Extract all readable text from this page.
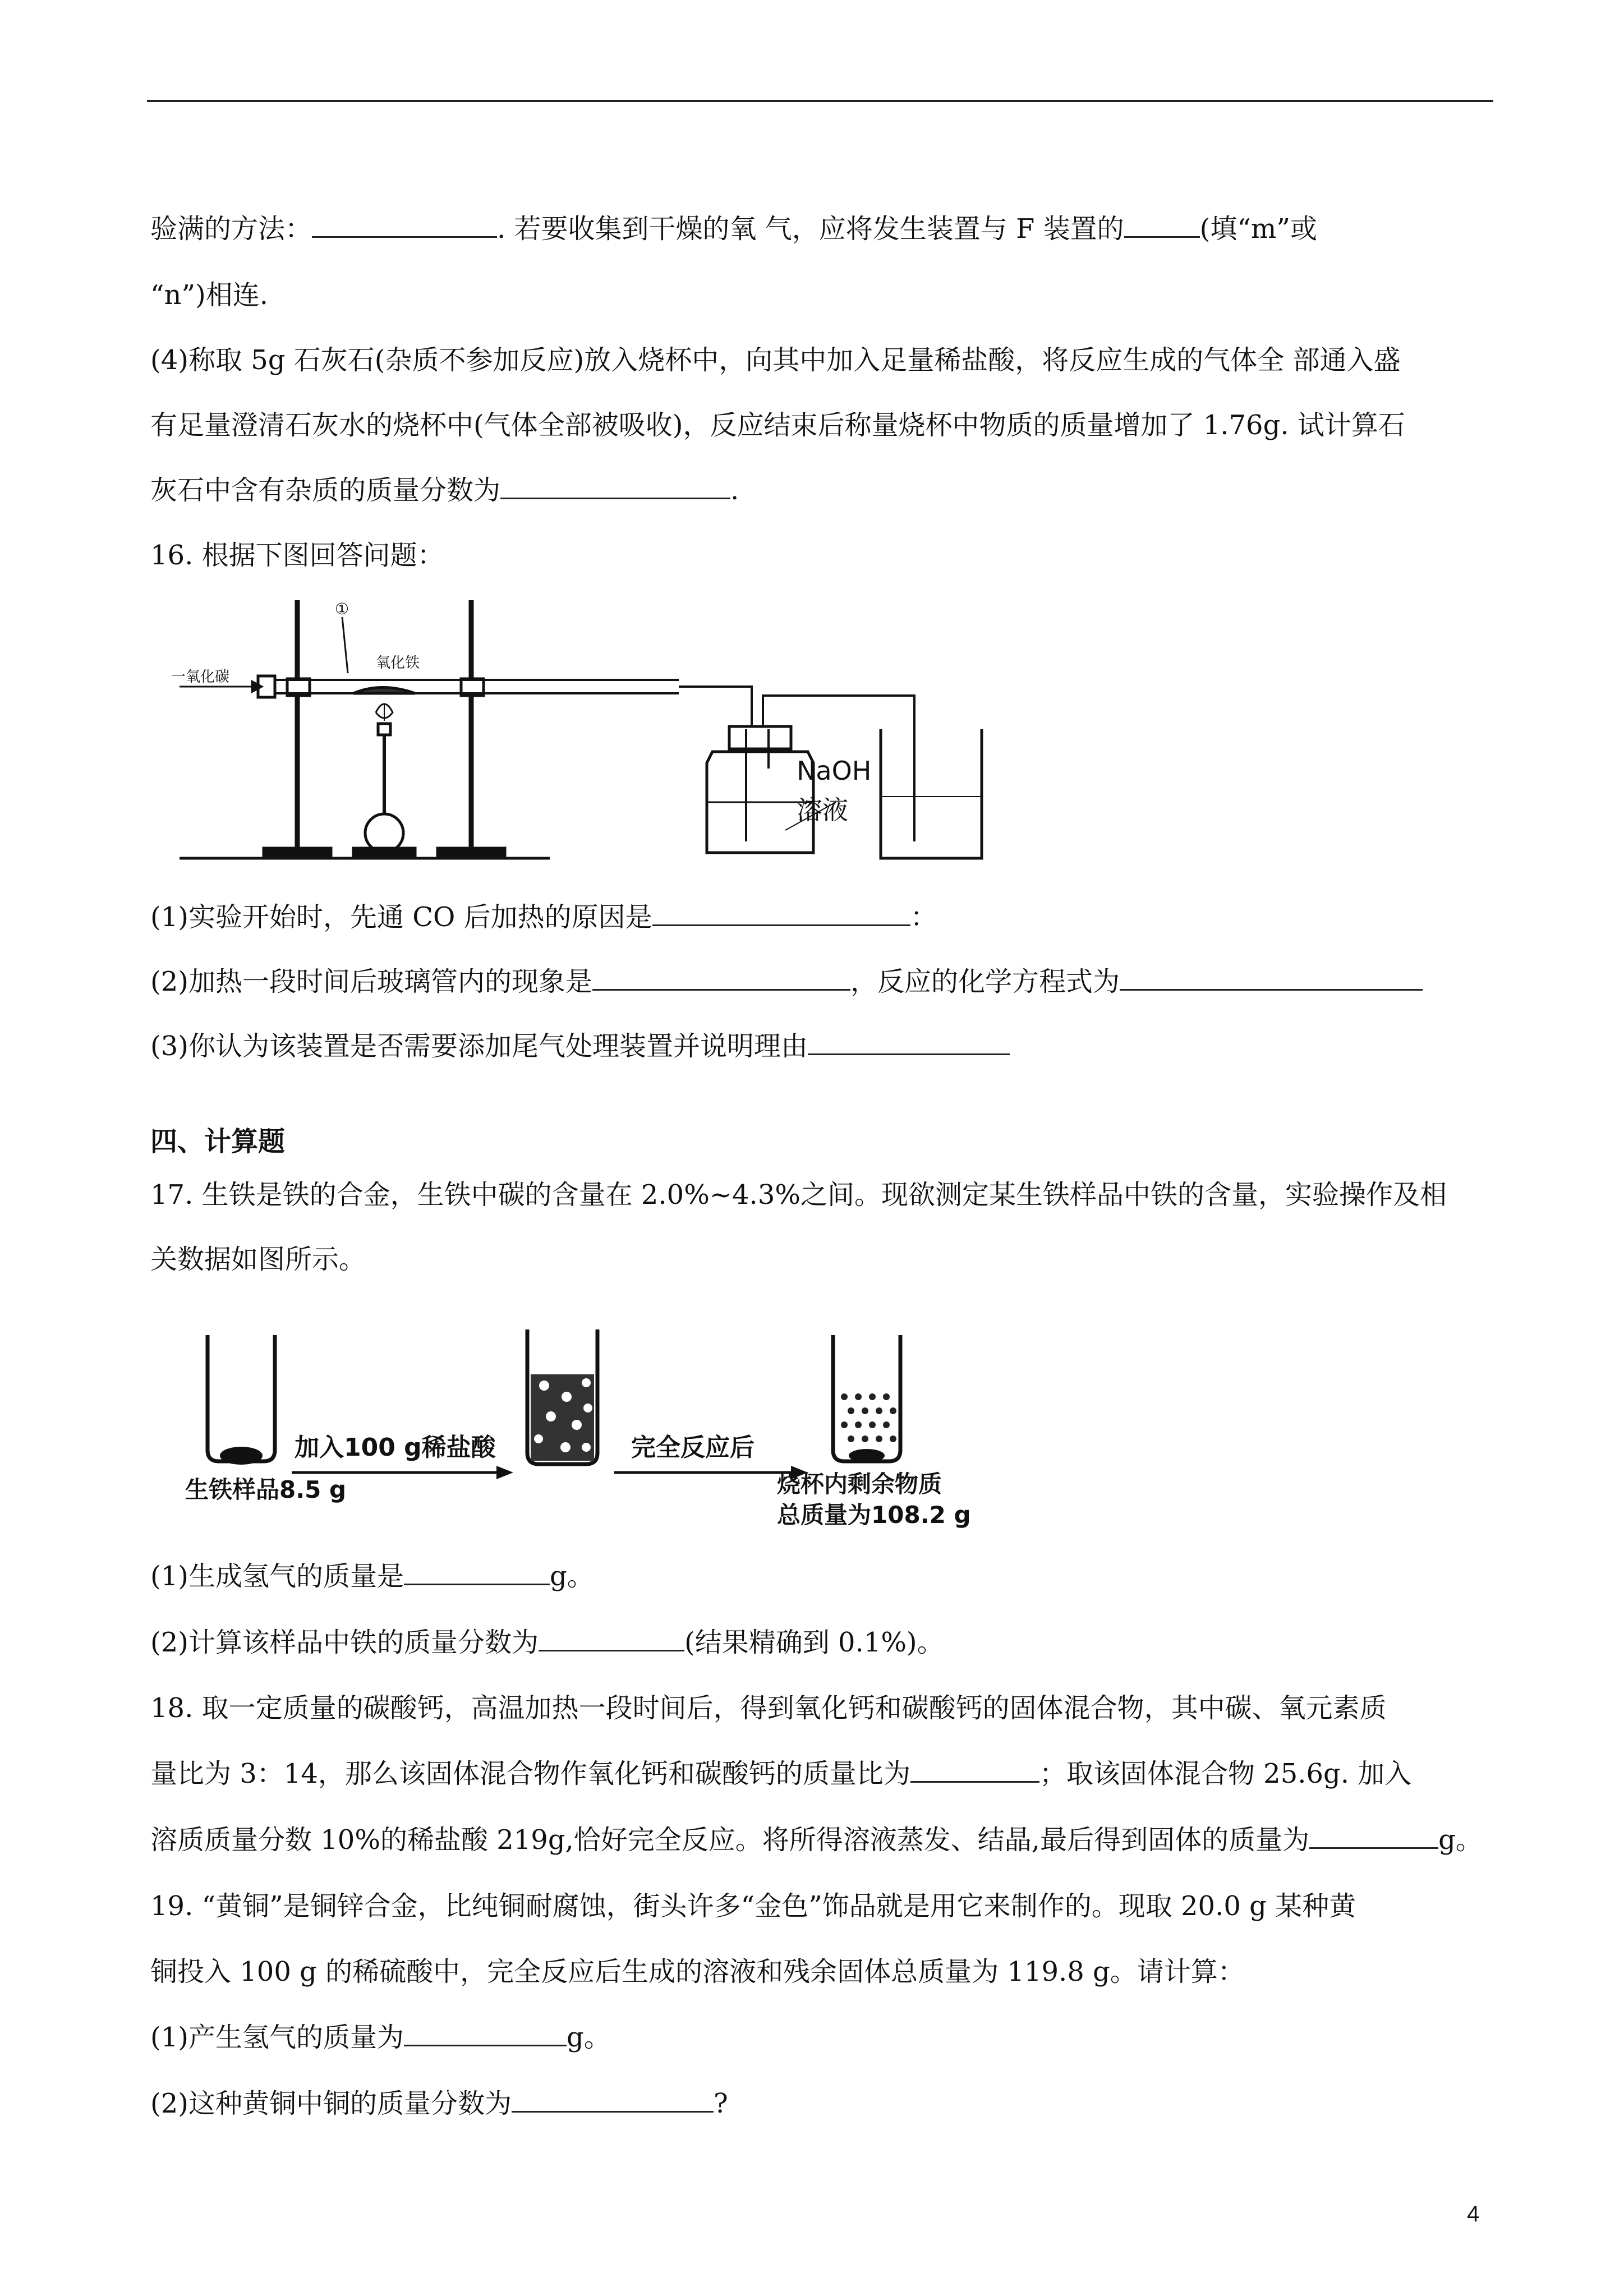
验满的方法：	. 若要收集到干燥的氧 气，应将发生装置与 F 装置的	(填“m”或
“n”)相连.
(4)称取 5g 石灰石(杂质不参加反应)放入烧杯中，向其中加入足量稀盐酸，将反应生成的气体全 部通入盛
有足量澄清石灰水的烧杯中(气体全部被吸收)，反应结束后称量烧杯中物质的质量增加了 1.76g. 试计算石
灰石中含有杂质的质量分数为	.
16. 根据下图回答问题：
一氧化碳
①
氧化铁
NaOH
溶液
(1)实验开始时，先通 CO 后加热的原因是	：
(2)加热一段时间后玻璃管内的现象是	，反应的化学方程式为
(3)你认为该装置是否需要添加尾气处理装置并说明理由
四、计算题
17. 生铁是铁的合金，生铁中碳的含量在 2.0%~4.3%之间。现欲测定某生铁样品中铁的含量，实验操作及相
关数据如图所示。
加入100 g稀盐酸	完全反应后
生铁样品8.5 g	烧杯内剩余物质
总质量为108.2 g
(1)生成氢气的质量是	g。
(2)计算该样品中铁的质量分数为	(结果精确到 0.1%)。
18. 取一定质量的碳酸钙，高温加热一段时间后，得到氧化钙和碳酸钙的固体混合物，其中碳、氧元素质
量比为 3：14，那么该固体混合物作氧化钙和碳酸钙的质量比为	；取该固体混合物 25.6g. 加入
溶质质量分数 10%的稀盐酸 219g,恰好完全反应。将所得溶液蒸发、结晶,最后得到固体的质量为	g。
19. “黄铜”是铜锌合金，比纯铜耐腐蚀，街头许多“金色”饰品就是用它来制作的。现取 20.0 g 某种黄
铜投入 100 g 的稀硫酸中，完全反应后生成的溶液和残余固体总质量为 119.8 g。请计算：
(1)产生氢气的质量为	g。
(2)这种黄铜中铜的质量分数为	?
4
